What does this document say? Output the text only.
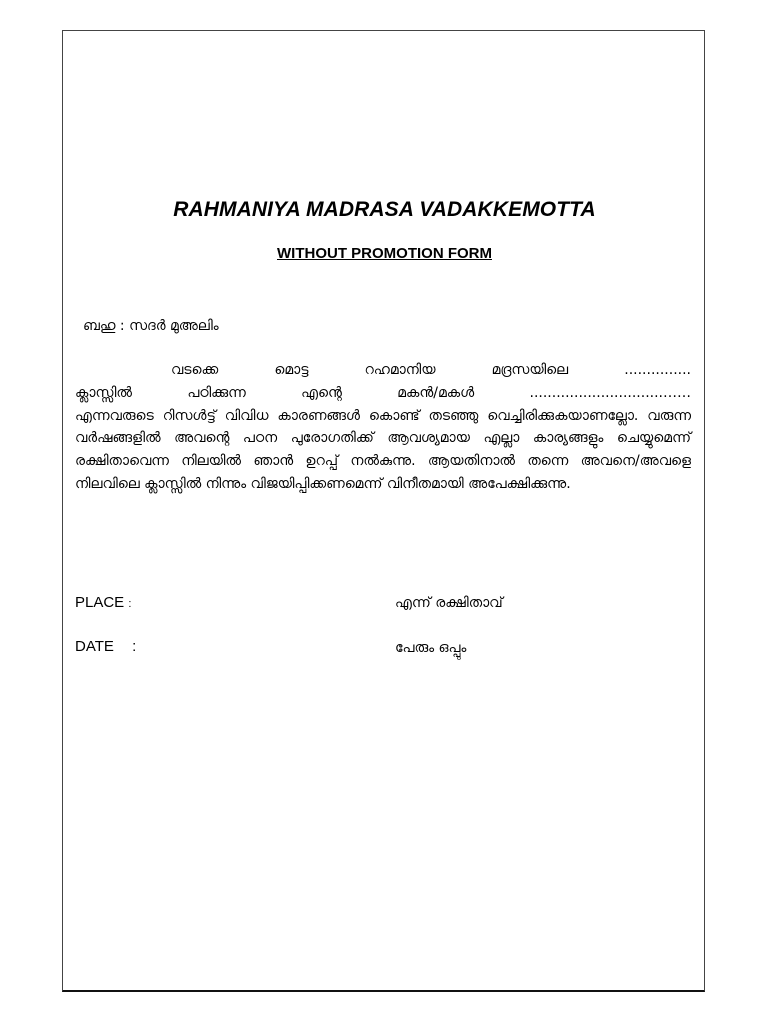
RAHMANIYA MADRASA VADAKKEMOTTA
WITHOUT PROMOTION FORM
ബഹു : സദർ മുഅലിം
വടക്കെ മൊട്ട റഹമാനിയ മദ്രസയിലെ ...............
ക്ലാസ്സിൽ പഠിക്കുന്ന എന്റെ മകൻ/മകൾ ..............................……
എന്നവരുടെ റിസൾട്ട് വിവിധ കാരണങ്ങൾ കൊണ്ട് തടഞ്ഞു വെച്ചിരിക്കുകയാണല്ലോ. വരുന്ന വർഷങ്ങളിൽ അവന്റെ പഠന പുരോഗതിക്ക് ആവശ്യമായ എല്ലാ കാര്യങ്ങളും ചെയ്യുമെന്ന് രക്ഷിതാവെന്ന നിലയിൽ ഞാൻ ഉറപ്പ് നൽകുന്നു. ആയതിനാൽ തന്നെ അവനെ/അവളെ നിലവിലെ ക്ലാസ്സിൽ നിന്നും വിജയിപ്പിക്കണമെന്ന് വിനീതമായി അപേക്ഷിക്കുന്നു.
PLACE :
DATE :
എന്ന് രക്ഷിതാവ്
പേരും ഒപ്പും
